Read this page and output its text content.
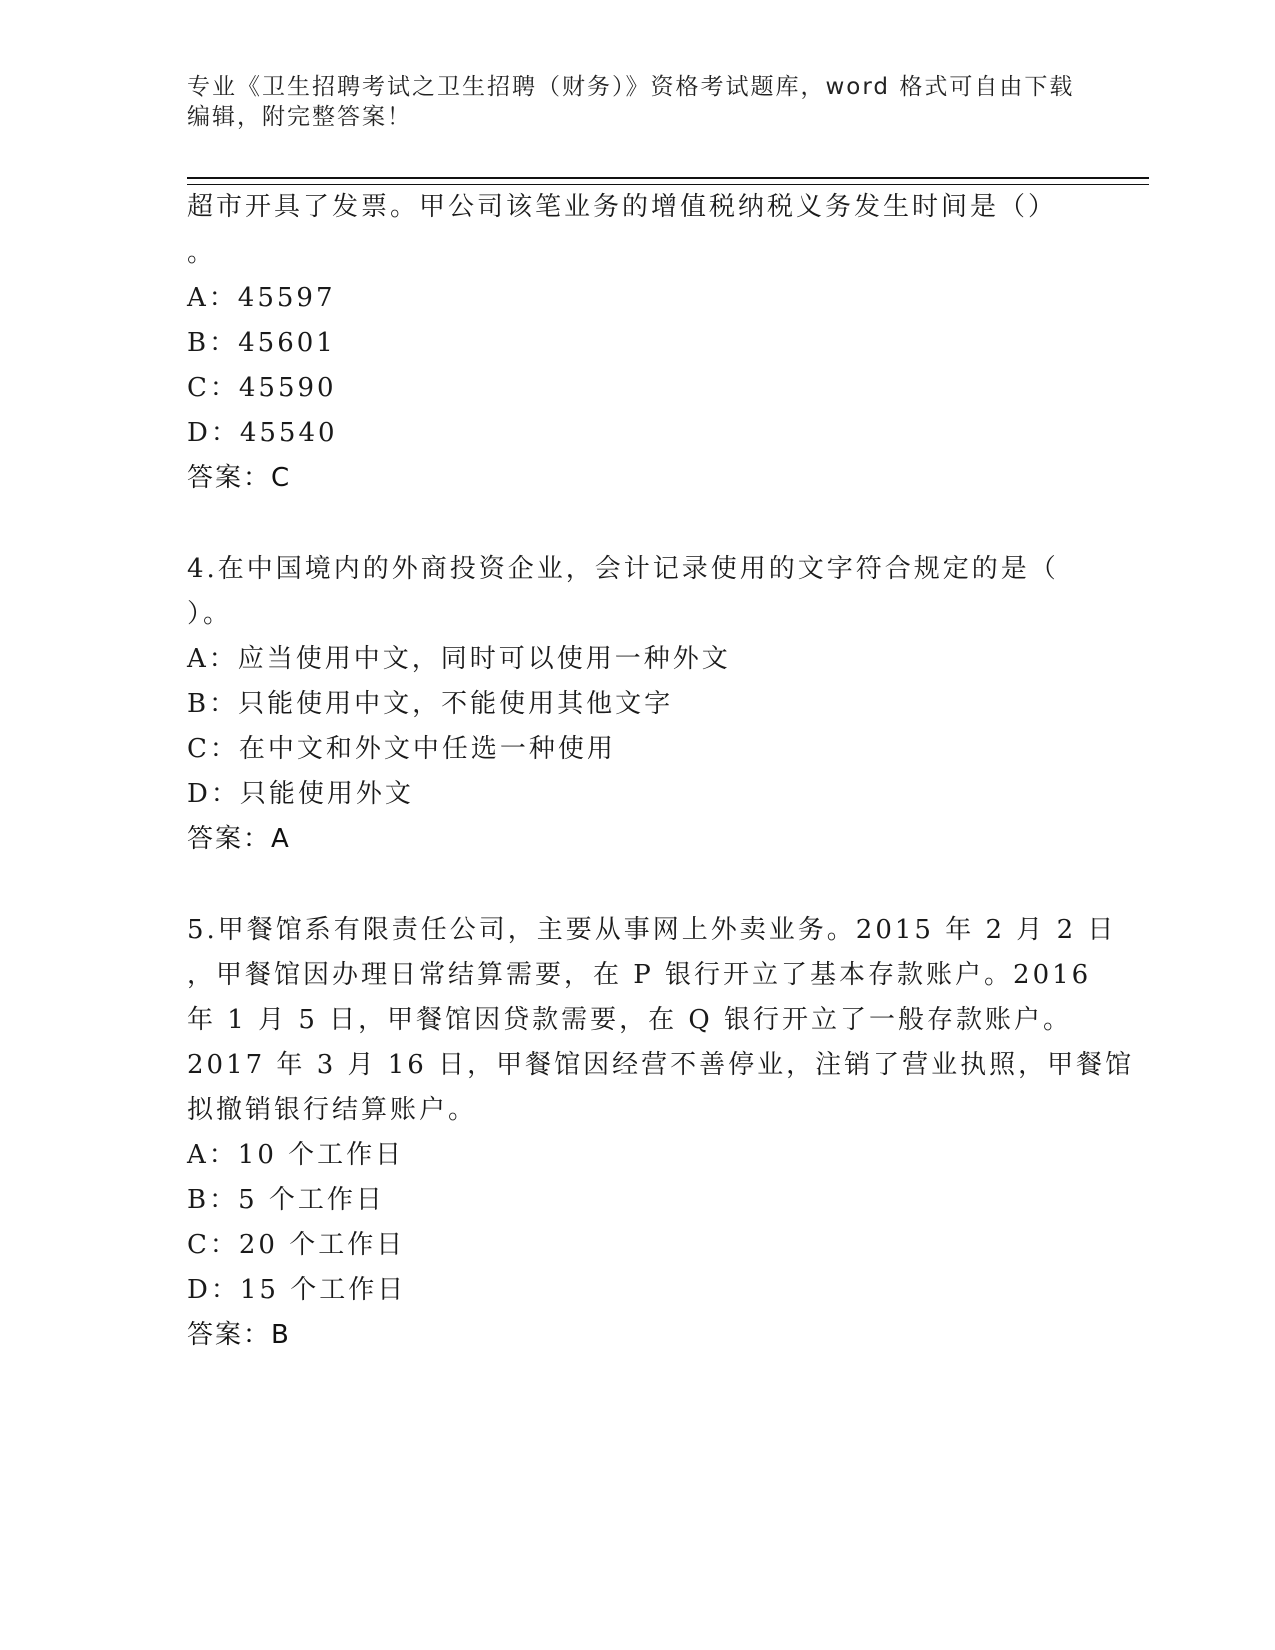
专业《卫生招聘考试之卫生招聘（财务）》资格考试题库，word 格式可自由下载
编辑，附完整答案！
超市开具了发票。甲公司该笔业务的增值税纳税义务发生时间是（）
。
A：45597
B：45601
C：45590
D：45540
答案：C
4.在中国境内的外商投资企业，会计记录使用的文字符合规定的是（
）。
A：应当使用中文，同时可以使用一种外文
B：只能使用中文，不能使用其他文字
C：在中文和外文中任选一种使用
D：只能使用外文
答案：A
5.甲餐馆系有限责任公司，主要从事网上外卖业务。2015 年 2 月 2 日
，甲餐馆因办理日常结算需要，在 P 银行开立了基本存款账户。2016
年 1 月 5 日，甲餐馆因贷款需要，在 Q 银行开立了一般存款账户。
2017 年 3 月 16 日，甲餐馆因经营不善停业，注销了营业执照，甲餐馆
拟撤销银行结算账户。
A：10 个工作日
B：5 个工作日
C：20 个工作日
D：15 个工作日
答案：B
